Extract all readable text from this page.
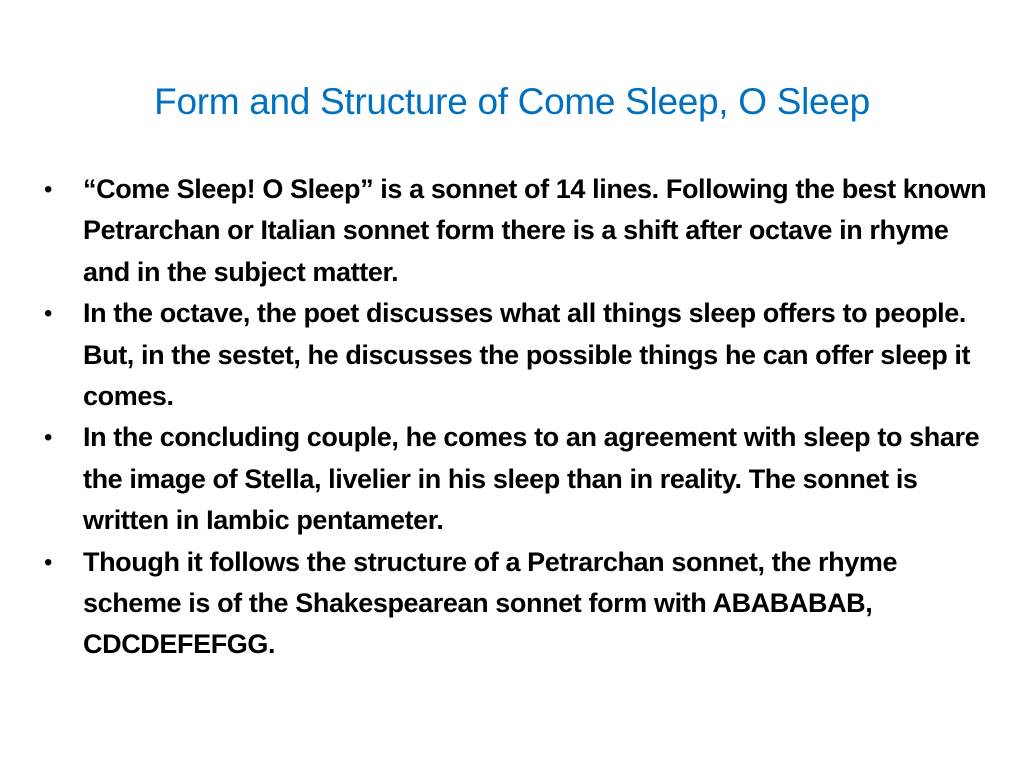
Form and Structure of Come Sleep, O Sleep
• “Come Sleep! O Sleep” is a sonnet of 14 lines. Following the best known Petrarchan or Italian sonnet form there is a shift after octave in rhyme and in the subject matter.
• In the octave, the poet discusses what all things sleep offers to people. But, in the sestet, he discusses the possible things he can offer sleep it comes.
• In the concluding couple, he comes to an agreement with sleep to share the image of Stella, livelier in his sleep than in reality. The sonnet is written in Iambic pentameter.
• Though it follows the structure of a Petrarchan sonnet, the rhyme scheme is of the Shakespearean sonnet form with ABABABAB, CDCDEFEFGG.
